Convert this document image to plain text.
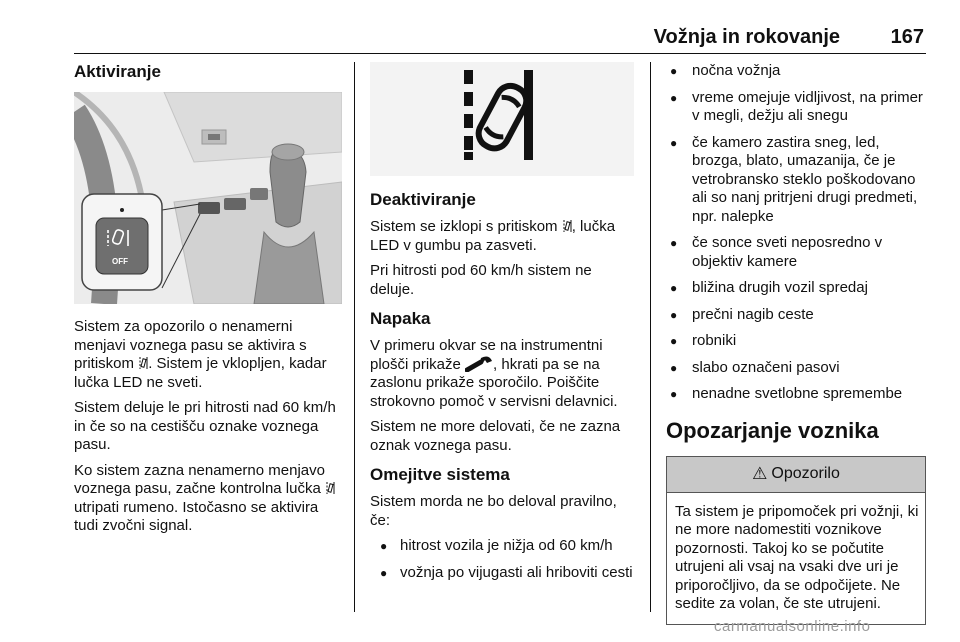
Vožnja in rokovanje	167
Aktiviranje
OFF

Sistem za opozorilo o nenamerni menjavi voznega pasu se aktivira s pritiskom . Sistem je vklopljen, kadar lučka LED ne sveti.

Sistem deluje le pri hitrosti nad 60 km/h in če so na cestišču oznake voznega pasu.

Ko sistem zazna nenamerno menjavo voznega pasu, začne kontrolna lučka  utripati rumeno. Istočasno se aktivira tudi zvočni signal.

Deaktiviranje

Sistem se izklopi s pritiskom , lučka LED v gumbu pa zasveti.

Pri hitrosti pod 60 km/h sistem ne deluje.

Napaka

V primeru okvar se na instrumentni plošči prikaže , hkrati pa se na zaslonu prikaže sporočilo. Poiščite strokovno pomoč v servisni delavnici.

Sistem ne more delovati, če ne zazna oznak voznega pasu.

Omejitve sistema

Sistem morda ne bo deloval pravilno, če:

● hitrost vozila je nižja od 60 km/h
● vožnja po vijugasti ali hriboviti cesti
● nočna vožnja
● vreme omejuje vidljivost, na primer v megli, dežju ali snegu
● če kamero zastira sneg, led, brozga, blato, umazanija, če je vetrobransko steklo poškodovano ali so nanj pritrjeni drugi predmeti, npr. nalepke
● če sonce sveti neposredno v objektiv kamere
● bližina drugih vozil spredaj
● prečni nagib ceste
● robniki
● slabo označeni pasovi
● nenadne svetlobne spremembe
Opozarjanje voznika
⚠ Opozorilo

Ta sistem je pripomoček pri vožnji, ki ne more nadomestiti voznikove pozornosti. Takoj ko se počutite utrujeni ali vsaj na vsaki dve uri je priporočljivo, da se odpočijete. Ne sedite za volan, če ste utrujeni.

carmanualsonline.info
